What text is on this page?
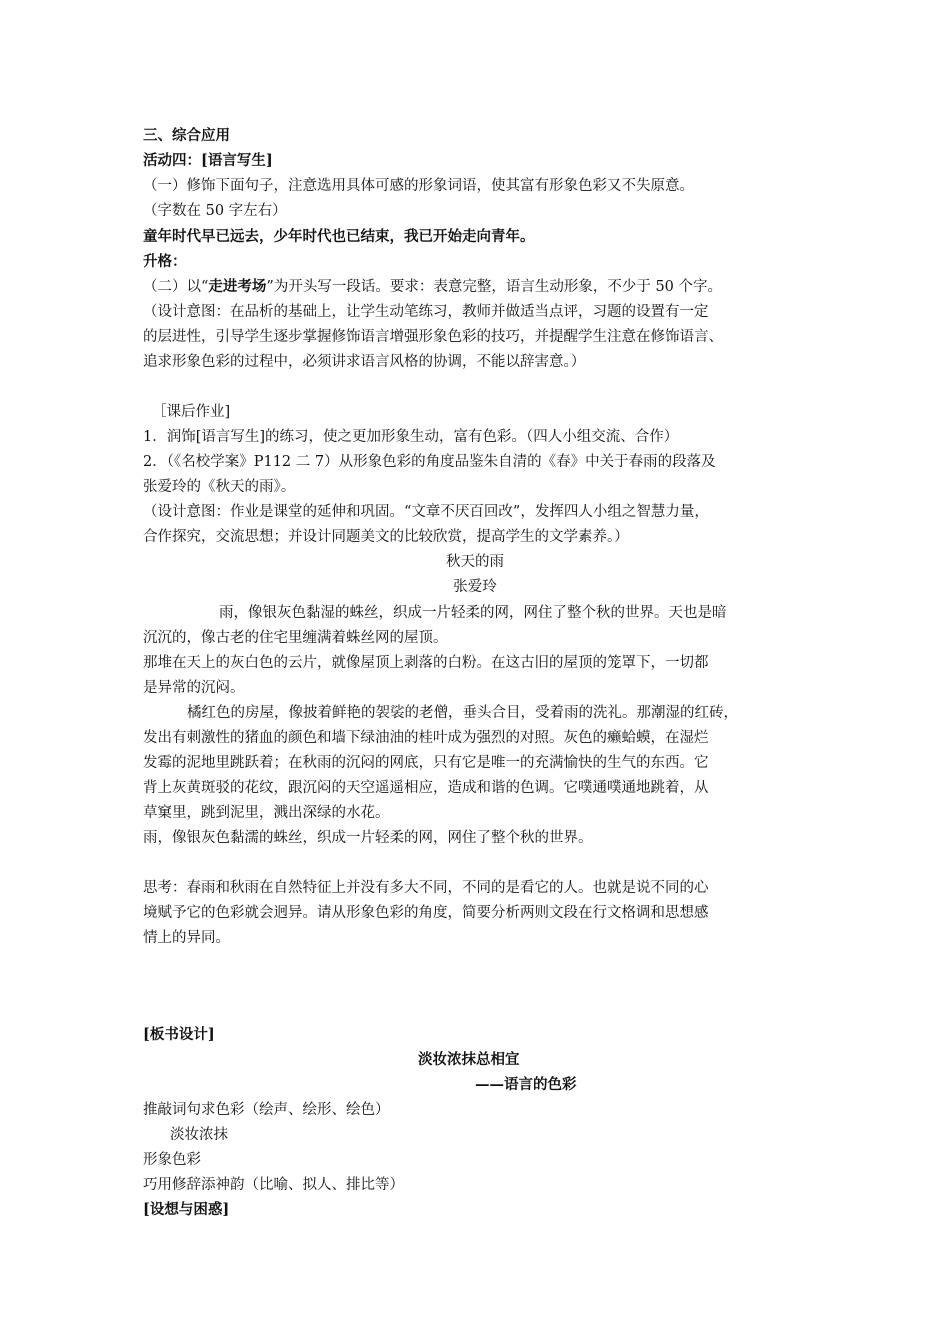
三、综合应用
活动四：[语言写生]
（一）修饰下面句子，注意选用具体可感的形象词语，使其富有形象色彩又不失原意。
（字数在 50 字左右）
童年时代早已远去，少年时代也已结束，我已开始走向青年。
升格：
（二）以“走进考场”为开头写一段话。要求：表意完整，语言生动形象，不少于 50 个字。
（设计意图：在品析的基础上，让学生动笔练习，教师并做适当点评，习题的设置有一定
的层进性，引导学生逐步掌握修饰语言增强形象色彩的技巧，并提醒学生注意在修饰语言、
追求形象色彩的过程中，必须讲求语言风格的协调，不能以辞害意。）
［课后作业]
1．润饰[语言写生]的练习，使之更加形象生动，富有色彩。（四人小组交流、合作）
2．（《名校学案》P112 二 7）从形象色彩的角度品鉴朱自清的《春》中关于春雨的段落及
张爱玲的《秋天的雨》。
（设计意图：作业是课堂的延伸和巩固。“文章不厌百回改”，发挥四人小组之智慧力量，
合作探究，交流思想；并设计同题美文的比较欣赏，提高学生的文学素养。）
秋天的雨
张爱玲
雨，像银灰色黏湿的蛛丝，织成一片轻柔的网，网住了整个秋的世界。天也是暗
沉沉的，像古老的住宅里缠满着蛛丝网的屋顶。
那堆在天上的灰白色的云片，就像屋顶上剥落的白粉。在这古旧的屋顶的笼罩下，一切都
是异常的沉闷。
橘红色的房屋，像披着鲜艳的袈裟的老僧，垂头合目，受着雨的洗礼。那潮湿的红砖，
发出有刺激性的猪血的颜色和墙下绿油油的桂叶成为强烈的对照。灰色的癞蛤蟆，在湿烂
发霉的泥地里跳跃着；在秋雨的沉闷的网底，只有它是唯一的充满愉快的生气的东西。它
背上灰黄斑驳的花纹，跟沉闷的天空遥遥相应，造成和谐的色调。它噗通噗通地跳着，从
草窠里，跳到泥里，溅出深绿的水花。
雨，像银灰色黏濡的蛛丝，织成一片轻柔的网，网住了整个秋的世界。
思考：春雨和秋雨在自然特征上并没有多大不同，不同的是看它的人。也就是说不同的心
境赋予它的色彩就会迥异。请从形象色彩的角度，简要分析两则文段在行文格调和思想感
情上的异同。
[板书设计]
淡妆浓抹总相宜
——语言的色彩
推敲词句求色彩（绘声、绘形、绘色）
淡妆浓抹
形象色彩
巧用修辞添神韵（比喻、拟人、排比等）
[设想与困惑]
